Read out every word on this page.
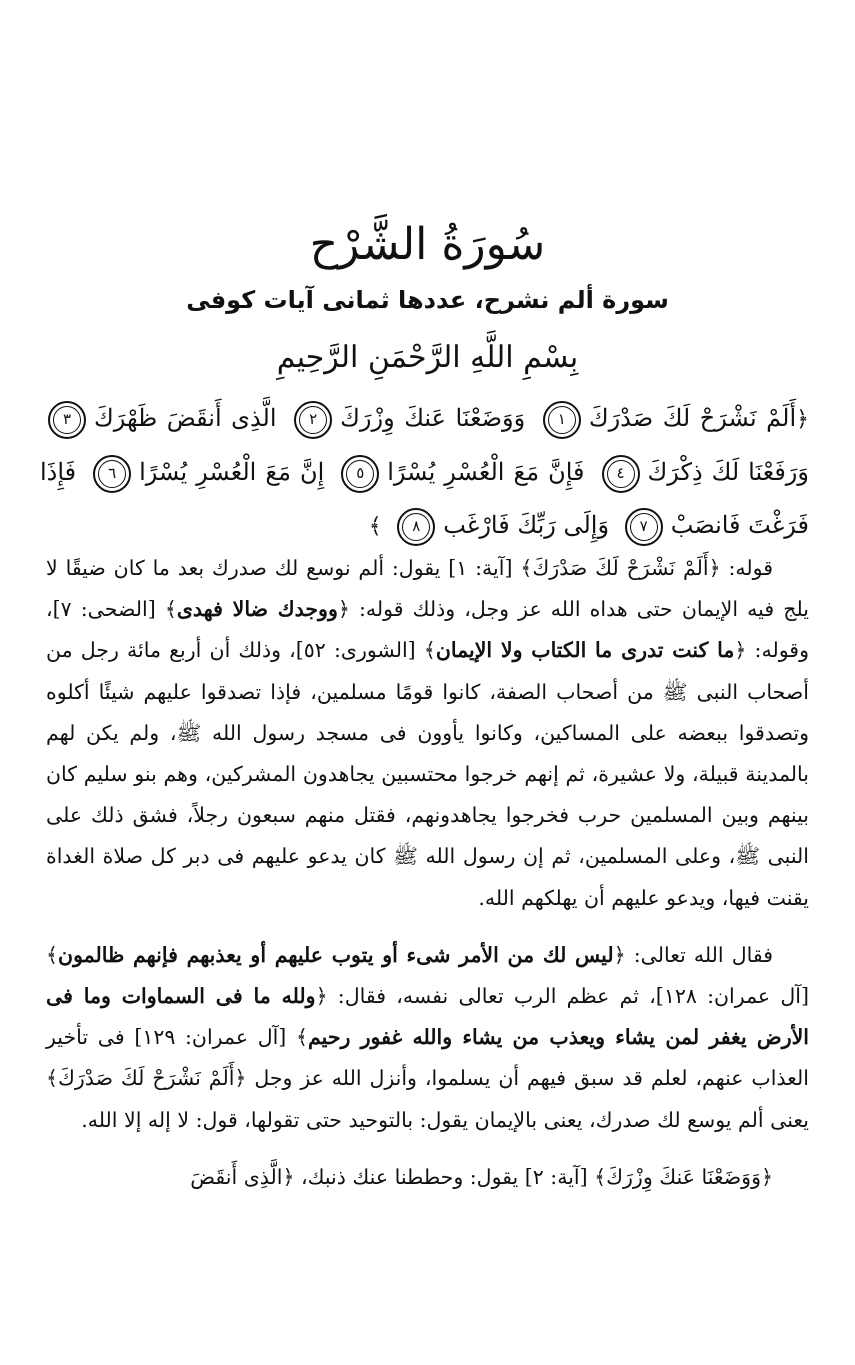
سُورَةُ الشَّرْح
سورة ألم نشرح، عددها ثمانى آيات كوفى
بِسْمِ اللَّهِ الرَّحْمَنِ الرَّحِيمِ
﴿أَلَمْ نَشْرَحْ لَكَ صَدْرَكَ١ وَوَضَعْنَا عَنكَ وِزْرَكَ٢ الَّذِى أَنقَضَ ظَهْرَكَ٣ وَرَفَعْنَا لَكَ ذِكْرَكَ٤ فَإِنَّ مَعَ الْعُسْرِ يُسْرًا٥ إِنَّ مَعَ الْعُسْرِ يُسْرًا٦ فَإِذَا فَرَغْتَ فَانصَبْ٧ وَإِلَى رَبِّكَ فَارْغَب٨ ﴾

قوله: ﴿أَلَمْ نَشْرَحْ لَكَ صَدْرَكَ﴾ [آية: ١] يقول: ألم نوسع لك صدرك بعد ما كان ضيقًا لا يلج فيه الإيمان حتى هداه الله عز وجل، وذلك قوله: ﴿ووجدك ضالا فهدى﴾ [الضحى: ٧]، وقوله: ﴿ما كنت تدرى ما الكتاب ولا الإيمان﴾ [الشورى: ٥٢]، وذلك أن أربع مائة رجل من أصحاب النبى ﷺ من أصحاب الصفة، كانوا قومًا مسلمين، فإذا تصدقوا عليهم شيئًا أكلوه وتصدقوا ببعضه على المساكين، وكانوا يأوون فى مسجد رسول الله ﷺ، ولم يكن لهم بالمدينة قبيلة، ولا عشيرة، ثم إنهم خرجوا محتسبين يجاهدون المشركين، وهم بنو سليم كان بينهم وبين المسلمين حرب فخرجوا يجاهدونهم، فقتل منهم سبعون رجلاً، فشق ذلك على النبى ﷺ، وعلى المسلمين، ثم إن رسول الله ﷺ كان يدعو عليهم فى دبر كل صلاة الغداة يقنت فيها، ويدعو عليهم أن يهلكهم الله.

فقال الله تعالى: ﴿ليس لك من الأمر شىء أو يتوب عليهم أو يعذبهم فإنهم ظالمون﴾ [آل عمران: ١٢٨]، ثم عظم الرب تعالى نفسه، فقال: ﴿ولله ما فى السماوات وما فى الأرض يغفر لمن يشاء ويعذب من يشاء والله غفور رحيم﴾ [آل عمران: ١٢٩] فى تأخير العذاب عنهم، لعلم قد سبق فيهم أن يسلموا، وأنزل الله عز وجل ﴿أَلَمْ نَشْرَحْ لَكَ صَدْرَكَ﴾ يعنى ألم يوسع لك صدرك، يعنى بالإيمان يقول: بالتوحيد حتى تقولها، قول: لا إله إلا الله.

﴿وَوَضَعْنَا عَنكَ وِزْرَكَ﴾ [آية: ٢] يقول: وحططنا عنك ذنبك، ﴿الَّذِى أَنقَضَ
